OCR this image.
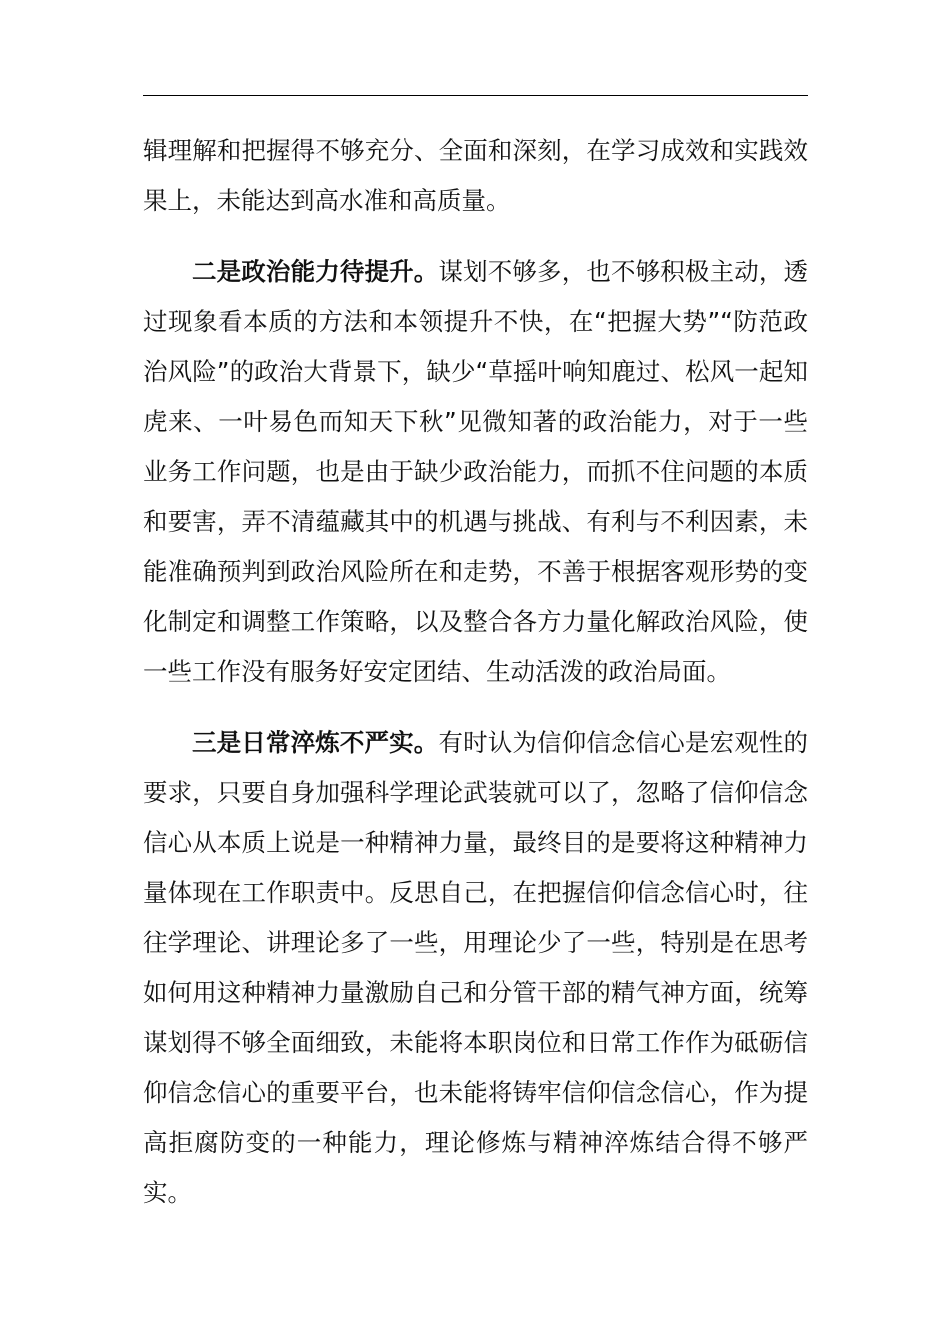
辑理解和把握得不够充分、全面和深刻，在学习成效和实践效果上，未能达到高水准和高质量。

二是政治能力待提升。谋划不够多，也不够积极主动，透过现象看本质的方法和本领提升不快，在“把握大势”“防范政治风险”的政治大背景下，缺少“草摇叶响知鹿过、松风一起知虎来、一叶易色而知天下秋”见微知著的政治能力，对于一些业务工作问题，也是由于缺少政治能力，而抓不住问题的本质和要害，弄不清蕴藏其中的机遇与挑战、有利与不利因素，未能准确预判到政治风险所在和走势，不善于根据客观形势的变化制定和调整工作策略，以及整合各方力量化解政治风险，使一些工作没有服务好安定团结、生动活泼的政治局面。

三是日常淬炼不严实。有时认为信仰信念信心是宏观性的要求，只要自身加强科学理论武装就可以了，忽略了信仰信念信心从本质上说是一种精神力量，最终目的是要将这种精神力量体现在工作职责中。反思自己，在把握信仰信念信心时，往往学理论、讲理论多了一些，用理论少了一些，特别是在思考如何用这种精神力量激励自己和分管干部的精气神方面，统筹谋划得不够全面细致，未能将本职岗位和日常工作作为砥砺信仰信念信心的重要平台，也未能将铸牢信仰信念信心，作为提高拒腐防变的一种能力，理论修炼与精神淬炼结合得不够严实。
